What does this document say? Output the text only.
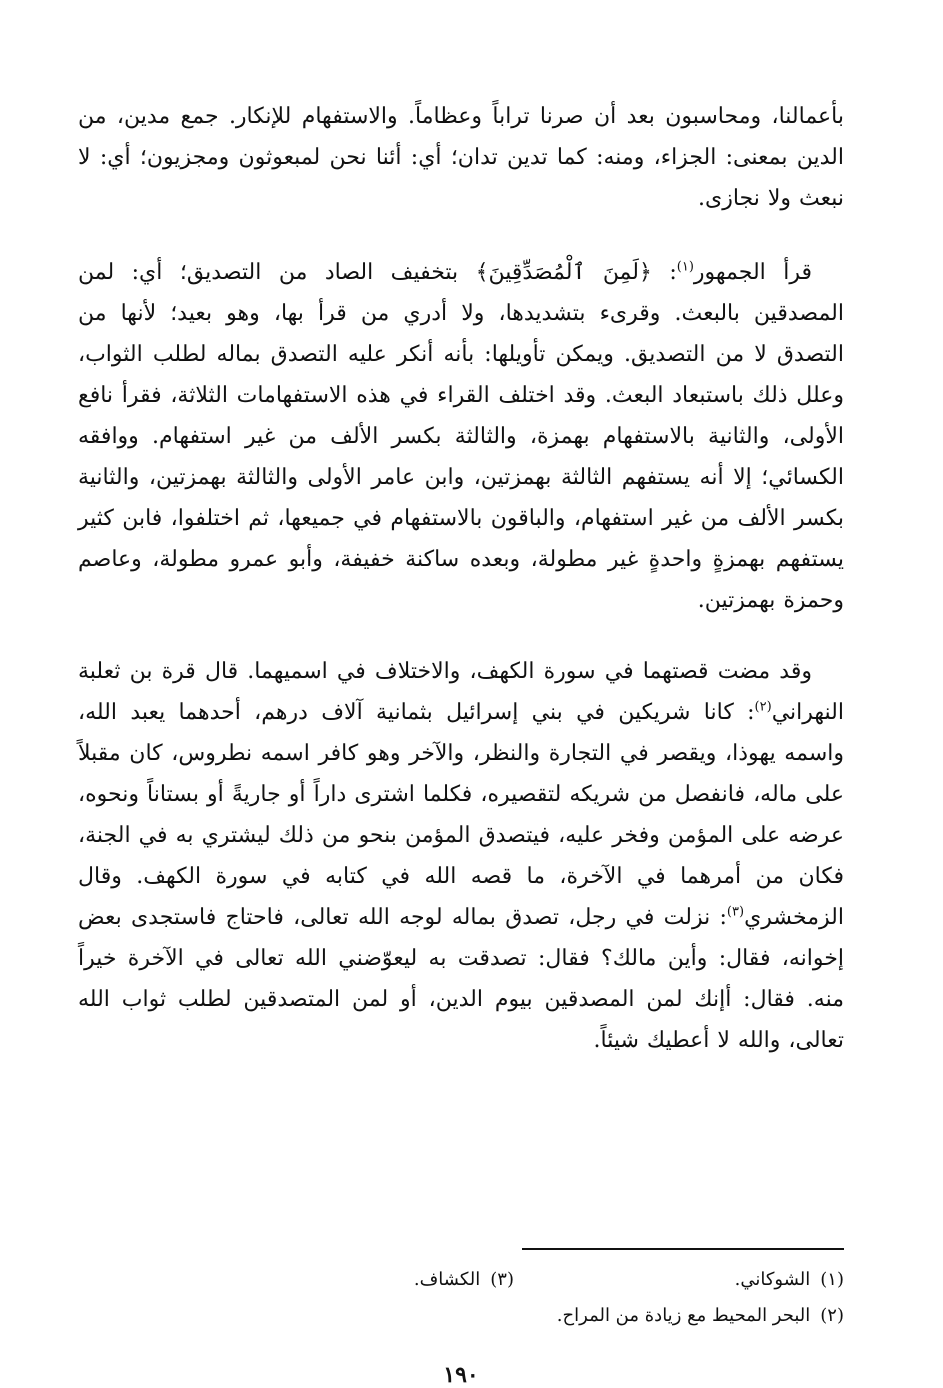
بأعمالنا، ومحاسبون بعد أن صرنا تراباً وعظاماً. والاستفهام للإنكار. جمع مدين، من الدين بمعنى: الجزاء، ومنه: كما تدين تدان؛ أي: أئنا نحن لمبعوثون ومجزيون؛ أي: لا نبعث ولا نجازى.

قرأ الجمهور$^{(١)}$: ﴿لَمِنَ ٱلْمُصَدِّقِينَ﴾ بتخفيف الصاد من التصديق؛ أي: لمن المصدقين بالبعث. وقرىء بتشديدها، ولا أدري من قرأ بها، وهو بعيد؛ لأنها من التصدق لا من التصديق. ويمكن تأويلها: بأنه أنكر عليه التصدق بماله لطلب الثواب، وعلل ذلك باستبعاد البعث. وقد اختلف القراء في هذه الاستفهامات الثلاثة، فقرأ نافع الأولى، والثانية بالاستفهام بهمزة، والثالثة بكسر الألف من غير استفهام. ووافقه الكسائي؛ إلا أنه يستفهم الثالثة بهمزتين، وابن عامر الأولى والثالثة بهمزتين، والثانية بكسر الألف من غير استفهام، والباقون بالاستفهام في جميعها، ثم اختلفوا، فابن كثير يستفهم بهمزةٍ واحدةٍ غير مطولة، وبعده ساكنة خفيفة، وأبو عمرو مطولة، وعاصم وحمزة بهمزتين.

وقد مضت قصتهما في سورة الكهف، والاختلاف في اسميهما. قال قرة بن ثعلبة النهراني$^{(٢)}$: كانا شريكين في بني إسرائيل بثمانية آلاف درهم، أحدهما يعبد الله، واسمه يهوذا، ويقصر في التجارة والنظر، والآخر وهو كافر اسمه نطروس، كان مقبلاً على ماله، فانفصل من شريكه لتقصيره، فكلما اشترى داراً أو جاريةً أو بستاناً ونحوه، عرضه على المؤمن وفخر عليه، فيتصدق المؤمن بنحو من ذلك ليشتري به في الجنة، فكان من أمرهما في الآخرة، ما قصه الله في كتابه في سورة الكهف. وقال الزمخشري$^{(٣)}$: نزلت في رجل، تصدق بماله لوجه الله تعالى، فاحتاج فاستجدى بعض إخوانه، فقال: وأين مالك؟ فقال: تصدقت به ليعوّضني الله تعالى في الآخرة خيراً منه. فقال: أإنك لمن المصدقين بيوم الدين، أو لمن المتصدقين لطلب ثواب الله تعالى، والله لا أعطيك شيئاً.

(١)الشوكاني.
(٣)الكشاف.
(٢)البحر المحيط مع زيادة من المراح.
١٩٠
